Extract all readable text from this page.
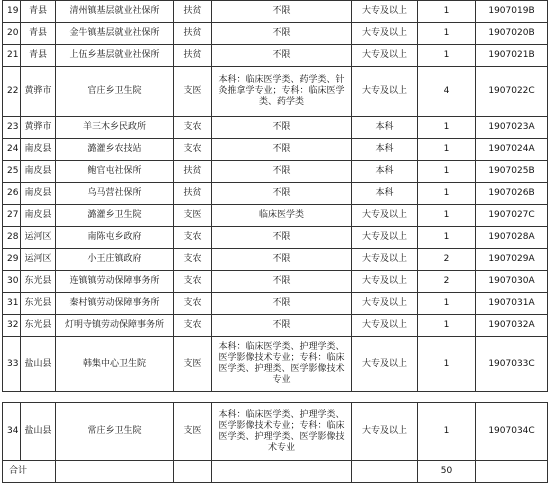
19	青县	清州镇基层就业社保所	扶贫	不限	大专及以上	1	1907019B
20	青县	金牛镇基层就业社保所	扶贫	不限	大专及以上	1	1907020B
21	青县	上伍乡基层就业社保所	扶贫	不限	大专及以上	1	1907021B
22	黄骅市	官庄乡卫生院	支医	本科：临床医学类、药学类、针灸推拿学专业；专科：临床医学类、药学类	大专及以上	4	1907022C
23	黄骅市	羊三木乡民政所	支农	不限	本科	1	1907023A
24	南皮县	潞灌乡农技站	支农	不限	本科	1	1907024A
25	南皮县	鲍官屯社保所	扶贫	不限	本科	1	1907025B
26	南皮县	乌马营社保所	扶贫	不限	本科	1	1907026B
27	南皮县	潞灌乡卫生院	支医	临床医学类	大专及以上	1	1907027C
28	运河区	南陈屯乡政府	支农	不限	大专及以上	1	1907028A
29	运河区	小王庄镇政府	支农	不限	大专及以上	2	1907029A
30	东光县	连镇镇劳动保障事务所	支农	不限	大专及以上	2	1907030A
31	东光县	秦村镇劳动保障事务所	支农	不限	大专及以上	1	1907031A
32	东光县	灯明寺镇劳动保障事务所	支农	不限	大专及以上	1	1907032A
33	盐山县	韩集中心卫生院	支医	本科：临床医学类、护理学类、医学影像技术专业；专科：临床医学类、护理类、医学影像技术专业	大专及以上	1	1907033C

34	盐山县	常庄乡卫生院	支医	本科：临床医学类、护理学类、医学影像技术专业；专科：临床医学类、护理学类、医学影像技术专业	大专及以上	1	1907034C
合计						50	
